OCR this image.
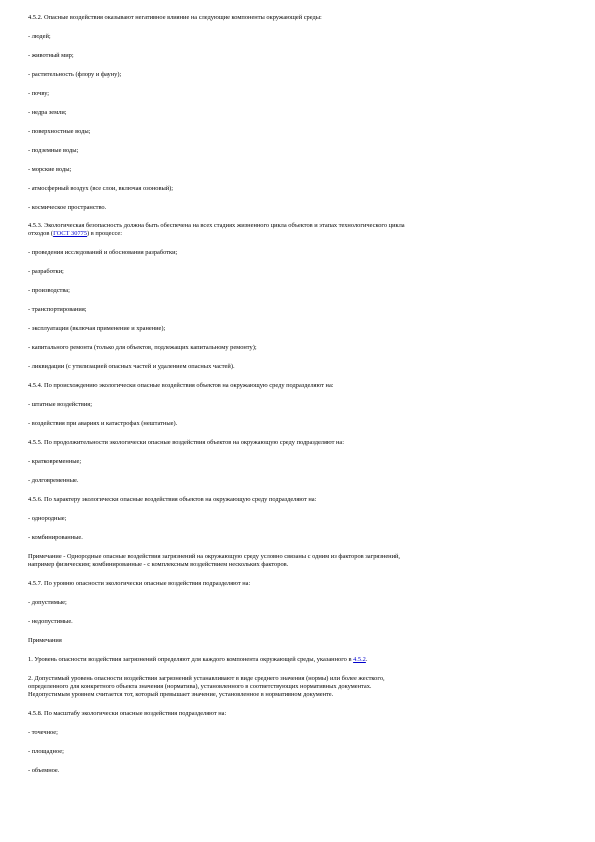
4.5.2. Опасные воздействия оказывают негативное влияние на следующие компоненты окружающей среды:

- людей;

- животный мир;

- растительность (флору и фауну);

- почву;

- недра земли;

- поверхностные воды;

- подземные воды;

- морские воды;

- атмосферный воздух (все слои, включая озоновый);

- космическое пространство.

4.5.3. Экологическая безопасность должна быть обеспечена на всех стадиях жизненного цикла объектов и этапах технологического цикла

отходов (ГОСТ 30775) в процессе:

- проведения исследований и обоснования разработки;

- разработки;

- производства;

- транспортирования;

- эксплуатации (включая применение и хранение);

- капитального ремонта (только для объектов, подлежащих капитальному ремонту);

- ликвидации (с утилизацией опасных частей и удалением опасных частей).

4.5.4. По происхождению экологически опасные воздействия объектов на окружающую среду подразделяют на:

- штатные воздействия;

- воздействия при авариях и катастрофах (нештатные).

4.5.5. По продолжительности экологически опасные воздействия объектов на окружающую среду подразделяют на:

- кратковременные;

- долговременные.

4.5.6. По характеру экологически опасные воздействия объектов на окружающую среду подразделяют на:

- однородные;

- комбинированные.

Примечание - Однородные опасные воздействия загрязнений на окружающую среду условно связаны с одним из факторов загрязнений,

например физическим; комбинированные - с комплексным воздействием нескольких факторов.

4.5.7. По уровню опасности экологически опасные воздействия подразделяют на:

- допустимые;

- недопустимые.

Примечания

1. Уровень опасности воздействия загрязнений определяют для каждого компонента окружающей среды, указанного в 4.5.2.

2. Допустимый уровень опасности воздействия загрязнений устанавливают в виде среднего значения (нормы) или более жесткого,

определенного для конкретного объекта значения (норматива), установленного в соответствующих нормативных документах.

Недопустимым уровнем считается тот, который превышает значение, установленное в нормативном документе.

4.5.8. По масштабу экологически опасные воздействия подразделяют на:

- точечное;

- площадное;

- объемное.
